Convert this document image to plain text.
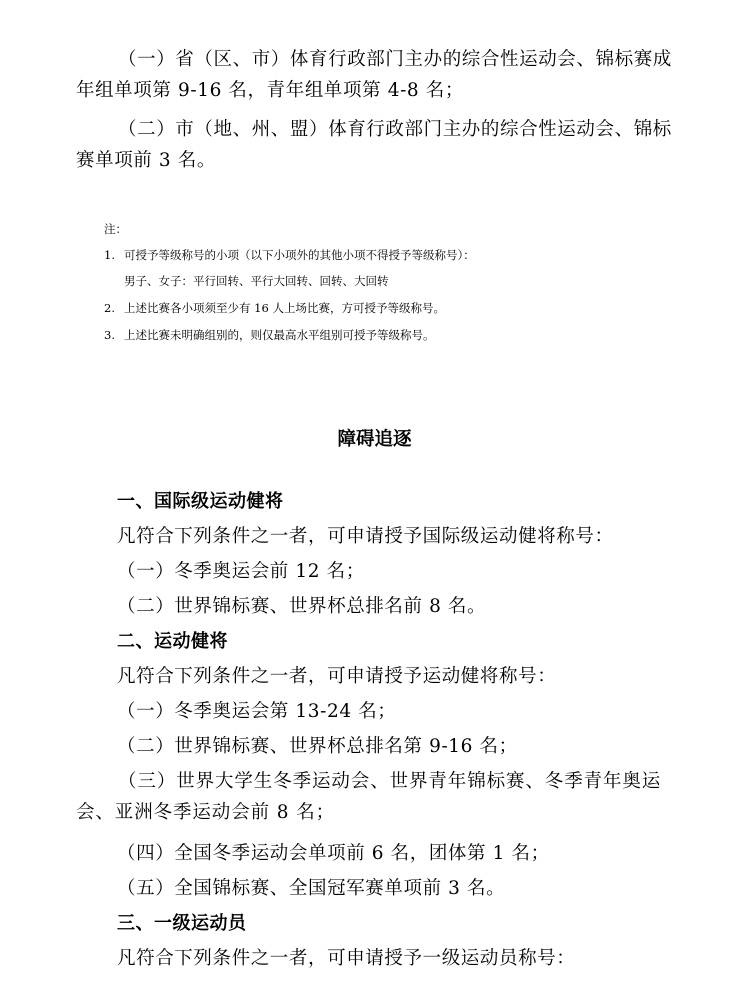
（一）省（区、市）体育行政部门主办的综合性运动会、锦标赛成年组单项第 9-16 名，青年组单项第 4-8 名；

（二）市（地、州、盟）体育行政部门主办的综合性运动会、锦标赛单项前 3 名。

注：

1. 可授予等级称号的小项（以下小项外的其他小项不得授予等级称号）：

男子、女子：平行回转、平行大回转、回转、大回转

2. 上述比赛各小项须至少有 16 人上场比赛，方可授予等级称号。

3. 上述比赛未明确组别的，则仅最高水平组别可授予等级称号。

障碍追逐
一、国际级运动健将

凡符合下列条件之一者，可申请授予国际级运动健将称号：

（一）冬季奥运会前 12 名；

（二）世界锦标赛、世界杯总排名前 8 名。

二、运动健将

凡符合下列条件之一者，可申请授予运动健将称号：

（一）冬季奥运会第 13-24 名；

（二）世界锦标赛、世界杯总排名第 9-16 名；

（三）世界大学生冬季运动会、世界青年锦标赛、冬季青年奥运会、亚洲冬季运动会前 8 名；

（四）全国冬季运动会单项前 6 名，团体第 1 名；

（五）全国锦标赛、全国冠军赛单项前 3 名。

三、一级运动员

凡符合下列条件之一者，可申请授予一级运动员称号：
